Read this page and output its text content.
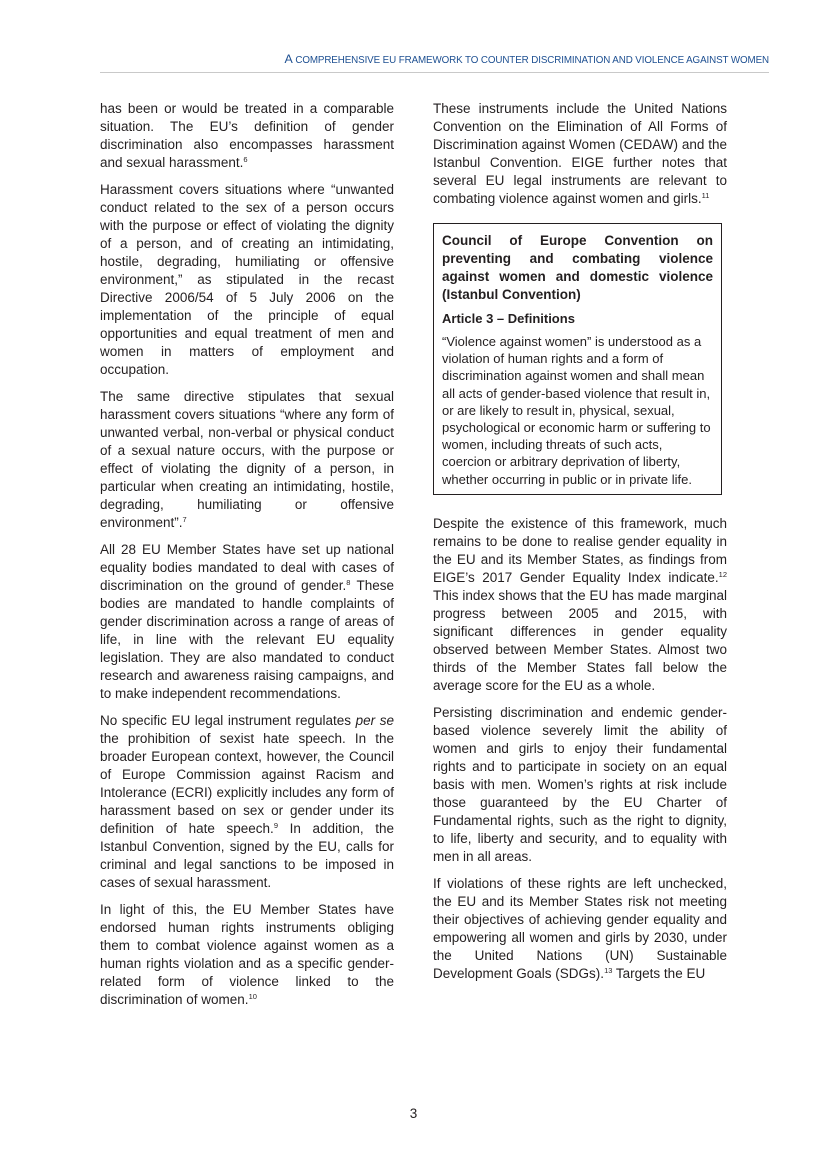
A COMPREHENSIVE EU FRAMEWORK TO COUNTER DISCRIMINATION AND VIOLENCE AGAINST WOMEN

has been or would be treated in a comparable situation. The EU’s definition of gender discrimination also encompasses harassment and sexual harassment.$^6$

Harassment covers situations where “unwanted conduct related to the sex of a person occurs with the purpose or effect of violating the dignity of a person, and of creating an intimidating, hostile, degrading, humiliating or offensive environment,” as stipulated in the recast Directive 2006/54 of 5 July 2006 on the implementation of the principle of equal opportunities and equal treatment of men and women in matters of employment and occupation.

The same directive stipulates that sexual harassment covers situations “where any form of unwanted verbal, non-verbal or physical conduct of a sexual nature occurs, with the purpose or effect of violating the dignity of a person, in particular when creating an intimidating, hostile, degrading, humiliating or offensive environment”.$^7$

All 28 EU Member States have set up national equality bodies mandated to deal with cases of discrimination on the ground of gender.$^8$ These bodies are mandated to handle complaints of gender discrimination across a range of areas of life, in line with the relevant EU equality legislation. They are also mandated to conduct research and awareness raising campaigns, and to make independent recommendations.

No specific EU legal instrument regulates per se the prohibition of sexist hate speech. In the broader European context, however, the Council of Europe Commission against Racism and Intolerance (ECRI) explicitly includes any form of harassment based on sex or gender under its definition of hate speech.$^9$ In addition, the Istanbul Convention, signed by the EU, calls for criminal and legal sanctions to be imposed in cases of sexual harassment.

In light of this, the EU Member States have endorsed human rights instruments obliging them to combat violence against women as a human rights violation and as a specific gender-related form of violence linked to the discrimination of women.$^{10}$

These instruments include the United Nations Convention on the Elimination of All Forms of Discrimination against Women (CEDAW) and the Istanbul Convention. EIGE further notes that several EU legal instruments are relevant to combating violence against women and girls.$^{11}$

Council of Europe Convention on preventing and combating violence against women and domestic violence (Istanbul Convention)
Article 3 – Definitions
“Violence against women” is understood as a violation of human rights and a form of discrimination against women and shall mean all acts of gender-based violence that result in, or are likely to result in, physical, sexual, psychological or economic harm or suffering to women, including threats of such acts, coercion or arbitrary deprivation of liberty, whether occurring in public or in private life.

Despite the existence of this framework, much remains to be done to realise gender equality in the EU and its Member States, as findings from EIGE’s 2017 Gender Equality Index indicate.$^{12}$ This index shows that the EU has made marginal progress between 2005 and 2015, with significant differences in gender equality observed between Member States. Almost two thirds of the Member States fall below the average score for the EU as a whole.

Persisting discrimination and endemic gender-based violence severely limit the ability of women and girls to enjoy their fundamental rights and to participate in society on an equal basis with men. Women’s rights at risk include those guaranteed by the EU Charter of Fundamental rights, such as the right to dignity, to life, liberty and security, and to equality with men in all areas.

If violations of these rights are left unchecked, the EU and its Member States risk not meeting their objectives of achieving gender equality and empowering all women and girls by 2030, under the United Nations (UN) Sustainable Development Goals (SDGs).$^{13}$ Targets the EU

3
